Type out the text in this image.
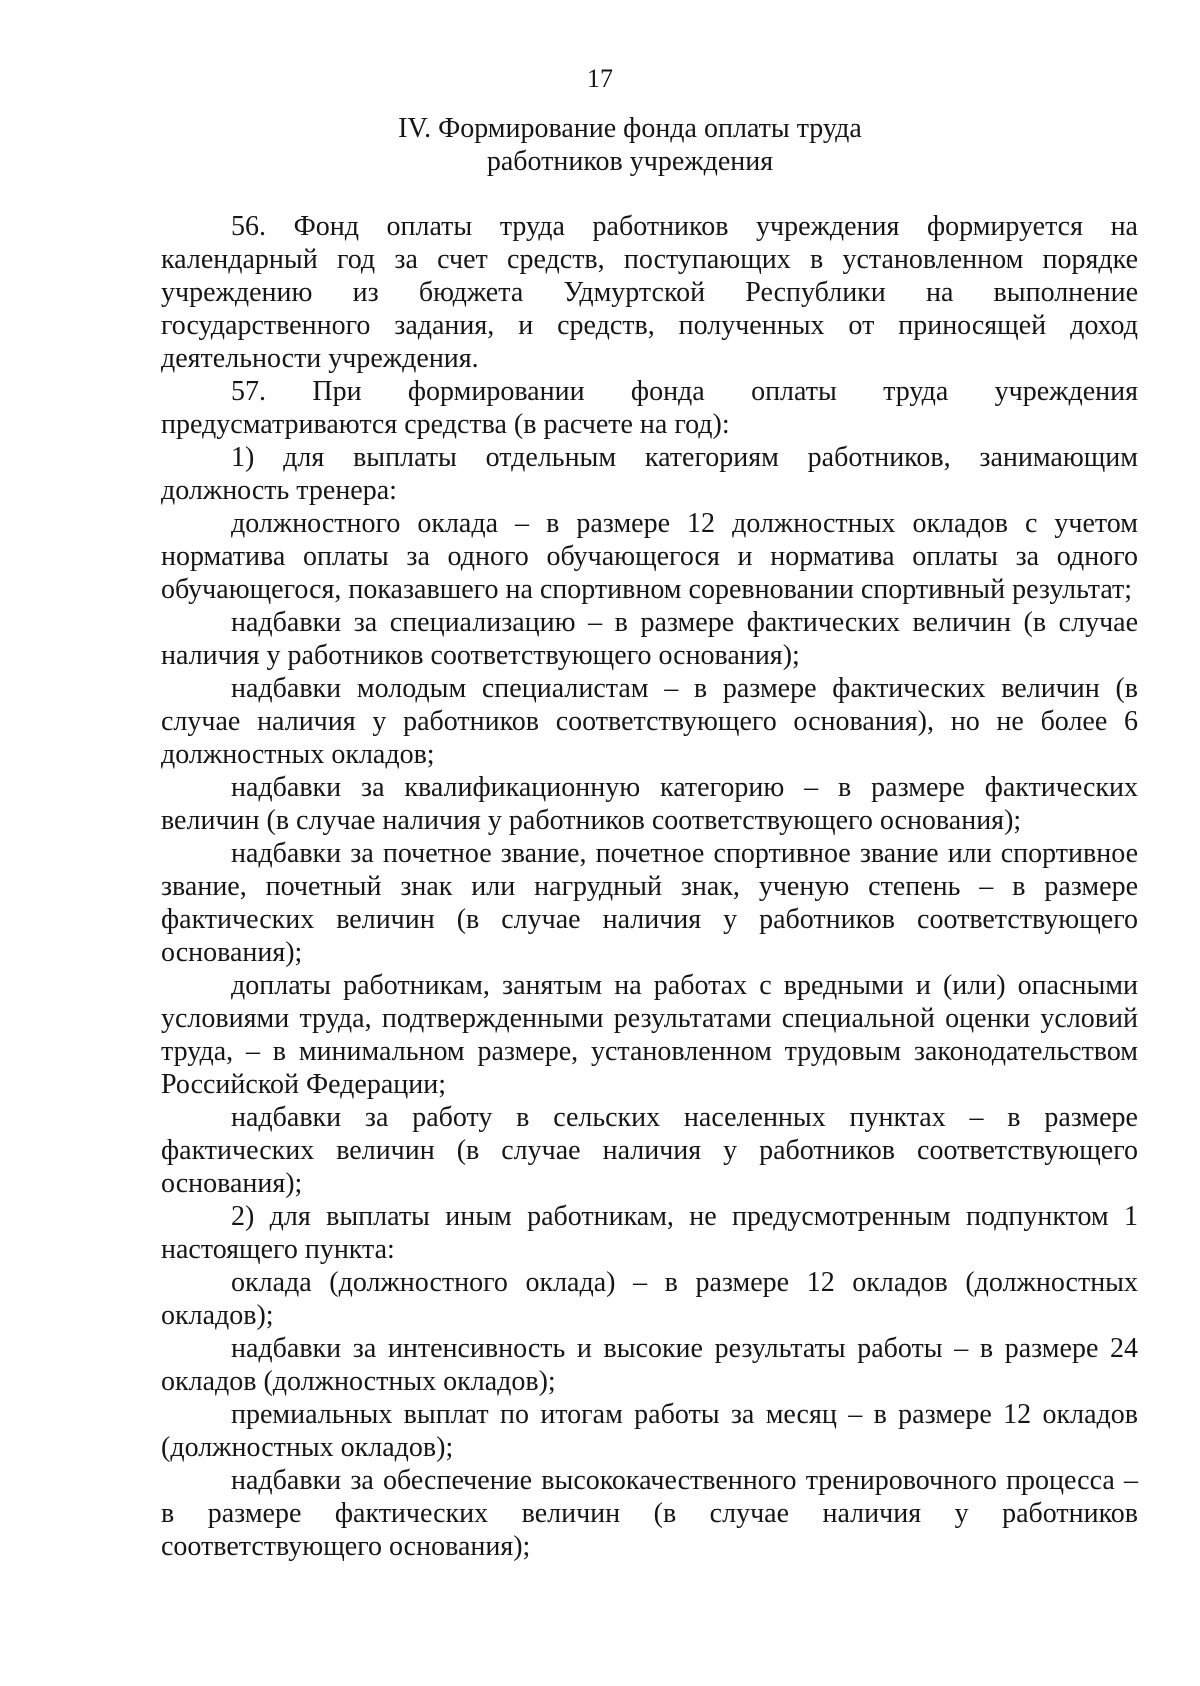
17
IV. Формирование фонда оплаты труда
работников учреждения

56. Фонд оплаты труда работников учреждения формируется на календарный год за счет средств, поступающих в установленном порядке учреждению из бюджета Удмуртской Республики на выполнение государственного задания, и средств, полученных от приносящей доход деятельности учреждения.

57. При формировании фонда оплаты труда учреждения предусматриваются средства (в расчете на год):

1) для выплаты отдельным категориям работников, занимающим должность тренера:

должностного оклада – в размере 12 должностных окладов с учетом норматива оплаты за одного обучающегося и норматива оплаты за одного обучающегося, показавшего на спортивном соревновании спортивный результат;

надбавки за специализацию – в размере фактических величин (в случае наличия у работников соответствующего основания);

надбавки молодым специалистам – в размере фактических величин (в случае наличия у работников соответствующего основания), но не более 6 должностных окладов;

надбавки за квалификационную категорию – в размере фактических величин (в случае наличия у работников соответствующего основания);

надбавки за почетное звание, почетное спортивное звание или спортивное звание, почетный знак или нагрудный знак, ученую степень – в размере фактических величин (в случае наличия у работников соответствующего основания);

доплаты работникам, занятым на работах с вредными и (или) опасными условиями труда, подтвержденными результатами специальной оценки условий труда, – в минимальном размере, установленном трудовым законодательством Российской Федерации;

надбавки за работу в сельских населенных пунктах – в размере фактических величин (в случае наличия у работников соответствующего основания);

2) для выплаты иным работникам, не предусмотренным подпунктом 1 настоящего пункта:

оклада (должностного оклада) – в размере 12 окладов (должностных окладов);

надбавки за интенсивность и высокие результаты работы – в размере 24 окладов (должностных окладов);

премиальных выплат по итогам работы за месяц – в размере 12 окладов (должностных окладов);

надбавки за обеспечение высококачественного тренировочного процесса – в размере фактических величин (в случае наличия у работников соответствующего основания);
